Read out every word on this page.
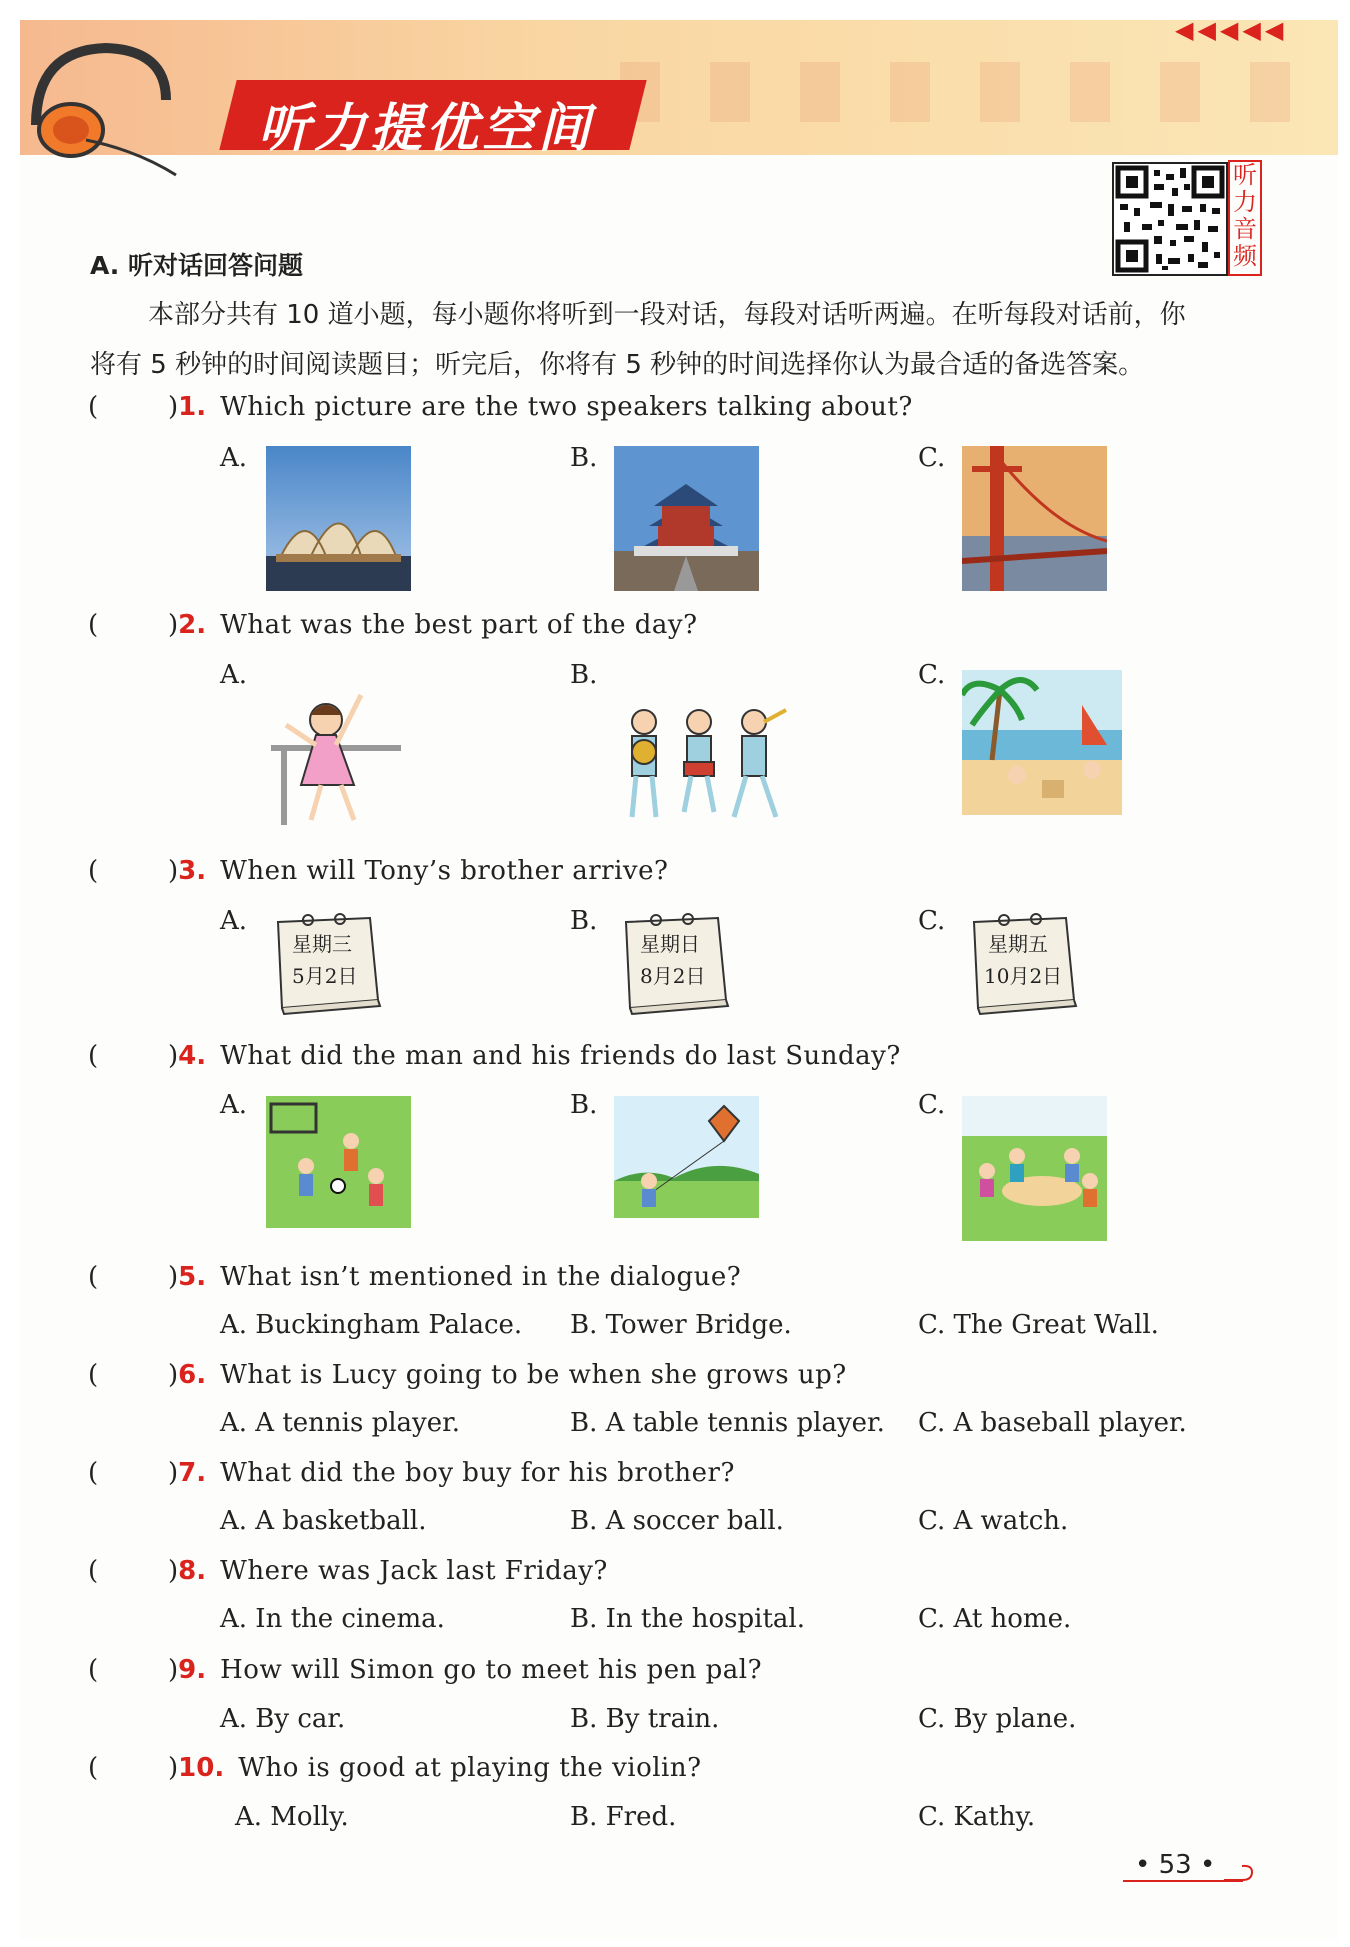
听力提优空间
◀◀◀◀◀
听
力
音
频
A. 听对话回答问题

本部分共有 10 道小题，每小题你将听到一段对话，每段对话听两遍。在听每段对话前，你

将有 5 秒钟的时间阅读题目；听完后，你将有 5 秒钟的时间选择你认为最合适的备选答案。

(	)1. Which picture are the two speakers talking about?
A.	B.	C.
(	)2. What was the best part of the day?
A.	B.	C.
(	)3. When will Tony’s brother arrive?
A.	B.	C.
星期三
5月2日
星期日
8月2日
星期五
10月2日
(	)4. What did the man and his friends do last Sunday?
A.	B.	C.
(	)5. What isn’t mentioned in the dialogue?
A. Buckingham Palace. B. Tower Bridge.	C. The Great Wall.
(	)6. What is Lucy going to be when she grows up?
A. A tennis player.	B. A table tennis player. C. A baseball player.
(	)7. What did the boy buy for his brother?
A. A basketball.	B. A soccer ball.	C. A watch.
(	)8. Where was Jack last Friday?
A. In the cinema.	B. In the hospital.	C. At home.
(	)9. How will Simon go to meet his pen pal?
A. By car.	B. By train.	C. By plane.
(	)10. Who is good at playing the violin?
A. Molly.	B. Fred.	C. Kathy.
• 53 •
